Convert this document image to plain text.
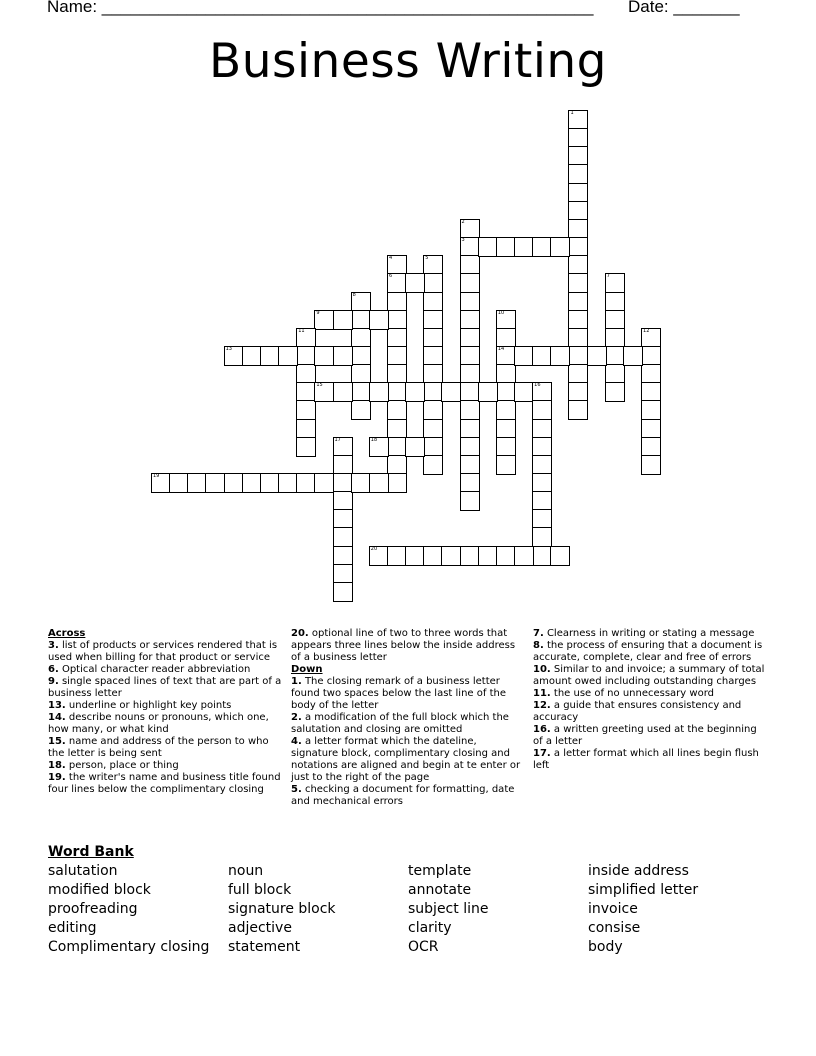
Name: ____________________________________________________ Date: _______
Business Writing
1
2
3
4
6
5
7
8
9	10
14
11	12
13
15	16
17	18
19
20
Across
3. list of products or services rendered that is used when billing for that product or service
6. Optical character reader abbreviation
9. single spaced lines of text that are part of a business letter
13. underline or highlight key points
14. describe nouns or pronouns, which one, how many, or what kind
15. name and address of the person to who the letter is being sent
18. person, place or thing
19. the writer's name and business title found four lines below the complimentary closing
20. optional line of two to three words that appears three lines below the inside address of a business letter
Down
1. The closing remark of a business letter found two spaces below the last line of the body of the letter
2. a modification of the full block which the salutation and closing are omitted
4. a letter format which the dateline, signature block, complimentary closing and notations are aligned and begin at te enter or just to the right of the page
5. checking a document for formatting, date and mechanical errors
7. Clearness in writing or stating a message
8. the process of ensuring that a document is accurate, complete, clear and free of errors
10. Similar to and invoice; a summary of total amount owed including outstanding charges
11. the use of no unnecessary word
12. a guide that ensures consistency and accuracy
16. a written greeting used at the beginning of a letter
17. a letter format which all lines begin flush left
Word Bank
salutation
modified block
proofreading
editing
Complimentary closing
noun
full block
signature block
adjective
statement
template
annotate
subject line
clarity
OCR
inside address
simplified letter
invoice
consise
body
